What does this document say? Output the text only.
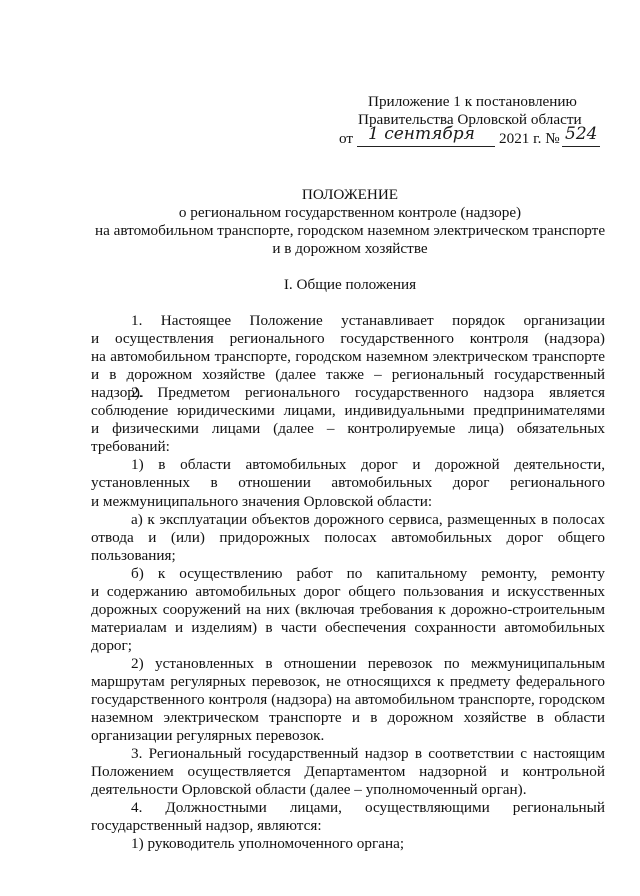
Приложение 1 к постановлению
Правительства Орловской области
от 1 сентября 2021 г. № 524
ПОЛОЖЕНИЕ
о региональном государственном контроле (надзоре)
на автомобильном транспорте, городском наземном электрическом транспорте
и в дорожном хозяйстве
I. Общие положения
1. Настоящее Положение устанавливает порядок организации
и осуществления регионального государственного контроля (надзора)
на автомобильном транспорте, городском наземном электрическом транспорте
и в дорожном хозяйстве (далее также – региональный государственный надзор).
2. Предметом регионального государственного надзора является
соблюдение юридическими лицами, индивидуальными предпринимателями
и физическими лицами (далее – контролируемые лица) обязательных
требований:
1) в области автомобильных дорог и дорожной деятельности,
установленных в отношении автомобильных дорог регионального
и межмуниципального значения Орловской области:
а) к эксплуатации объектов дорожного сервиса, размещенных в полосах
отвода и (или) придорожных полосах автомобильных дорог общего
пользования;
б) к осуществлению работ по капитальному ремонту, ремонту
и содержанию автомобильных дорог общего пользования и искусственных
дорожных сооружений на них (включая требования к дорожно-строительным
материалам и изделиям) в части обеспечения сохранности автомобильных
дорог;
2) установленных в отношении перевозок по межмуниципальным
маршрутам регулярных перевозок, не относящихся к предмету федерального
государственного контроля (надзора) на автомобильном транспорте, городском
наземном электрическом транспорте и в дорожном хозяйстве в области
организации регулярных перевозок.
3. Региональный государственный надзор в соответствии с настоящим
Положением осуществляется Департаментом надзорной и контрольной
деятельности Орловской области (далее – уполномоченный орган).
4. Должностными лицами, осуществляющими региональный
государственный надзор, являются:
1) руководитель уполномоченного органа;
